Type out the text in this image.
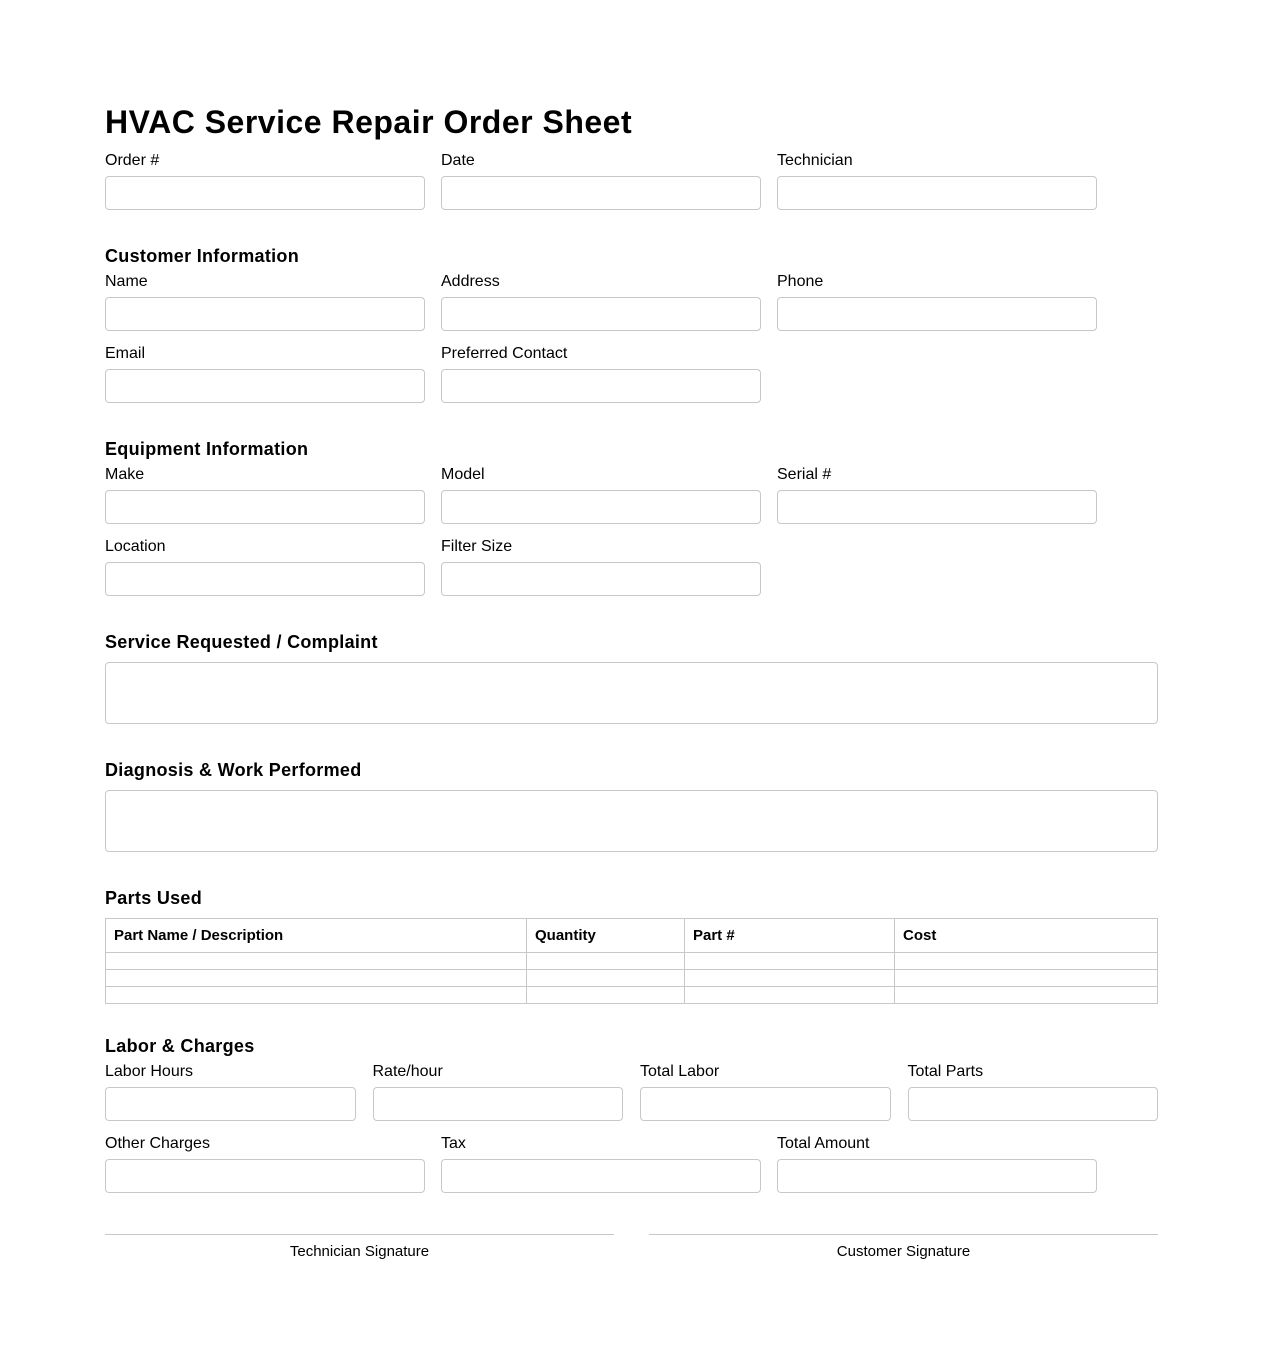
HVAC Service Repair Order Sheet
Order #	Date	Technician
Customer Information
Name	Address	Phone
Email	Preferred Contact
Equipment Information
Make	Model	Serial #
Location	Filter Size
Service Requested / Complaint
Diagnosis & Work Performed
Parts Used
Part Name / Description	Quantity	Part #	Cost

Labor & Charges
Labor Hours	Rate/hour	Total Labor	Total Parts
Other Charges	Tax	Total Amount
Technician Signature	Customer Signature
